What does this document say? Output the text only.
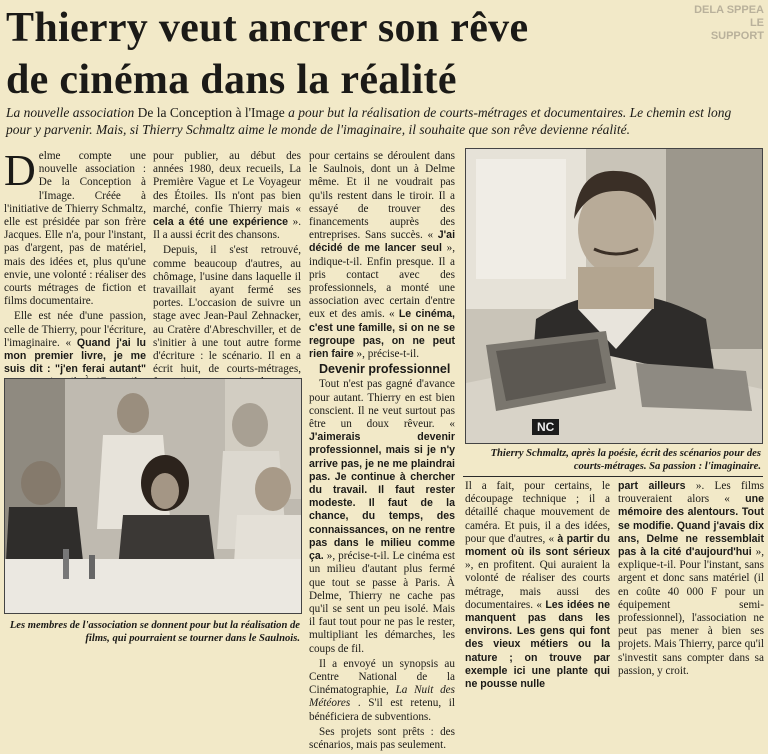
DELA SPPEA LE SUPPORT
Thierry veut ancrer son rêve
de cinéma dans la réalité
La nouvelle association De la Conception à l'Image a pour but la réalisation de courts-métrages et documentaires. Le chemin est long pour y parvenir. Mais, si Thierry Schmaltz aime le monde de l'imaginaire, il souhaite que son rêve devienne réalité.

D elme compte une nouvelle association : De la Conception à l'Image. Créée à l'initiative de Thierry Schmaltz, elle est présidée par son frère Jacques. Elle n'a, pour l'instant, pas d'argent, pas de matériel, mais des idées et, plus qu'une envie, une volonté : réaliser des courts métrages de fiction et films documentaire.

Elle est née d'une passion, celle de Thierry, pour l'écriture, l'imaginaire. « Quand j'ai lu mon premier livre, je me suis dit : "j'en ferai autant"

pour publier, au début des années 1980, deux recueils, La Première Vague et Le Voyageur des Étoiles. Ils n'ont pas bien marché, confie Thierry mais « cela a été une expérience ». Il a aussi écrit des chansons.

Depuis, il s'est retrouvé, comme beaucoup d'autres, au chômage, l'usine dans laquelle il travaillait ayant fermé ses portes. L'occasion de suivre un stage avec Jean-Paul Zehnacker, au Cratère d'Abreschviller, et de s'initier à une tout autre forme d'écriture : le scénario. Il en a écrit huit, de courts-métrages,

pour certains se déroulent dans le Saulnois, dont un à Delme même. Et il ne voudrait pas qu'ils restent dans le tiroir. Il a essayé de trouver des financements auprès des entreprises. Sans succès. « J'ai décidé de me lancer seul », indique-t-il. Enfin presque. Il a pris contact avec des professionnels, a monté une association avec certain d'entre eux et des amis. « Le cinéma, c'est une famille, si on ne se regroupe pas, on ne peut rien faire », précise-t-il.

Devenir professionnel

Tout n'est pas gagné d'avance pour autant. Thierry en est bien conscient. Il ne veut surtout pas être un doux rêveur. « J'aimerais devenir professionnel, mais si je n'y arrive pas, je ne me plaindrai pas. Je continue à chercher du travail. Il faut rester modeste. Il faut de la chance, du temps, des connaissances, on ne rentre pas dans le milieu comme ça. », précise-t-il. Le cinéma est un milieu d'autant plus fermé que tout se passe à Paris. À Delme, Thierry ne cache pas qu'il se sent un peu isolé. Mais il faut tout pour ne pas le rester, multipliant les démarches, les coups de fil.

Il a envoyé un synopsis au Centre National de la Cinématographie, La Nuit des Météores . S'il est retenu, il bénéficiera de subventions.

Ses projets sont prêts : des scénarios, mais pas seulement.

NC
Thierry Schmaltz, après la poésie, écrit des scénarios pour des courts-métrages. Sa passion : l'imaginaire.

Il a fait, pour certains, le découpage technique ; il a détaillé chaque mouvement de caméra. Et puis, il a des idées, pour que d'autres, « à partir du moment où ils sont sérieux », en profitent. Qui auraient la volonté de réaliser des courts métrage, mais aussi des documentaires. « Les idées ne manquent pas dans les environs. Les gens qui font des vieux métiers ou la nature ; on trouve par exemple ici une plante qui ne pousse nulle

part ailleurs ». Les films trouveraient alors « une mémoire des alentours. Tout se modifie. Quand j'avais dix ans, Delme ne ressemblait pas à la cité d'aujourd'hui », explique-t-il. Pour l'instant, sans argent et donc sans matériel (il en coûte 40 000 F pour un équipement semi-professionnel), l'association ne peut pas mener à bien ses projets. Mais Thierry, parce qu'il s'investit sans compter dans sa passion, y croit.

Les membres de l'association se donnent pour but la réalisation de films, qui pourraient se tourner dans le Saulnois.
